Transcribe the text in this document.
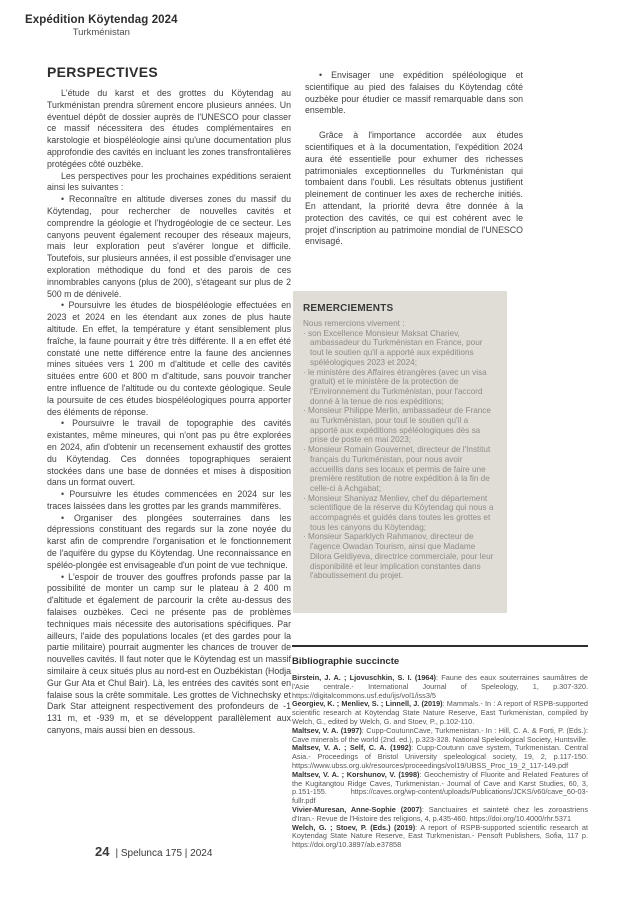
Expédition Köytendag 2024
Turkménistan
PERSPECTIVES

L'étude du karst et des grottes du Köytendag au Turkménistan prendra sûrement encore plusieurs années. Un éventuel dépôt de dossier auprès de l'UNESCO pour classer ce massif nécessitera des études complémentaires en karstologie et biospéléologie ainsi qu'une documentation plus approfondie des cavités en incluant les zones transfrontalières protégées côté ouzbèke.

Les perspectives pour les prochaines expéditions seraient ainsi les suivantes :

• Reconnaître en altitude diverses zones du massif du Köytendag, pour rechercher de nouvelles cavités et comprendre la géologie et l'hydrogéologie de ce secteur. Les canyons peuvent également recouper des réseaux majeurs, mais leur exploration peut s'avérer longue et difficile. Toutefois, sur plusieurs années, il est possible d'envisager une exploration méthodique du fond et des parois de ces innombrables canyons (plus de 200), s'étageant sur plus de 2 500 m de dénivelé.

• Poursuivre les études de biospéléologie effectuées en 2023 et 2024 en les étendant aux zones de plus haute altitude. En effet, la température y étant sensiblement plus fraîche, la faune pourrait y être très différente. Il a en effet été constaté une nette différence entre la faune des anciennes mines situées vers 1 200 m d'altitude et celle des cavités situées entre 600 et 800 m d'altitude, sans pouvoir trancher entre influence de l'altitude ou du contexte géologique. Seule la poursuite de ces études biospéléologiques pourra apporter des éléments de réponse.

• Poursuivre le travail de topographie des cavités existantes, même mineures, qui n'ont pas pu être explorées en 2024, afin d'obtenir un recensement exhaustif des grottes du Köytendag. Ces données topographiques seraient stockées dans une base de données et mises à disposition dans un format ouvert.

• Poursuivre les études commencées en 2024 sur les traces laissées dans les grottes par les grands mammifères.

• Organiser des plongées souterraines dans les dépressions constituant des regards sur la zone noyée du karst afin de comprendre l'organisation et le fonctionnement de l'aquifère du gypse du Köytendag. Une reconnaissance en spéléo-plongée est envisageable d'un point de vue technique.

• L'espoir de trouver des gouffres profonds passe par la possibilité de monter un camp sur le plateau à 2 400 m d'altitude et également de parcourir la crête au-dessus des falaises ouzbèkes. Ceci ne présente pas de problèmes techniques mais nécessite des autorisations spécifiques. Par ailleurs, l'aide des populations locales (et des gardes pour la partie militaire) pourrait augmenter les chances de trouver de nouvelles cavités. Il faut noter que le Köytendag est un massif similaire à ceux situés plus au nord-est en Ouzbékistan (Hodja Gur Gur Ata et Chul Bair). Là, les entrées des cavités sont en falaise sous la crête sommitale. Les grottes de Vichnechsky et Dark Star atteignent respectivement des profondeurs de -1 131 m, et -939 m, et se développent parallèlement aux canyons, mais aussi bien en dessous.

• Envisager une expédition spéléologique et scientifique au pied des falaises du Köytendag côté ouzbèke pour étudier ce massif remarquable dans son ensemble.

Grâce à l'importance accordée aux études scientifiques et à la documentation, l'expédition 2024 aura été essentielle pour exhumer des richesses patrimoniales exceptionnelles du Turkménistan qui tombaient dans l'oubli. Les résultats obtenus justifient pleinement de continuer les axes de recherche initiés. En attendant, la priorité devra être donnée à la protection des cavités, ce qui est cohérent avec le projet d'inscription au patrimoine mondial de l'UNESCO envisagé.

REMERCIEMENTS

Nous remercions vivement :

· son Excellence Monsieur Maksat Chariev, ambassadeur du Turkménistan en France, pour tout le soutien qu'il a apporté aux expéditions spéléologiques 2023 et 2024;
· le ministère des Affaires étrangères (avec un visa gratuit) et le ministère de la protection de l'Environnement du Turkménistan, pour l'accord donné à la tenue de nos expéditions;
· Monsieur Philippe Merlin, ambassadeur de France au Turkménistan, pour tout le soutien qu'il a apporté aux expéditions spéléologiques dès sa prise de poste en mai 2023;
· Monsieur Romain Gouvernet, directeur de l'Institut français du Turkménistan, pour nous avoir accueillis dans ses locaux et permis de faire une première restitution de notre expédition à la fin de celle-ci à Achgabat;
· Monsieur Shaniyaz Menliev, chef du département scientifique de la réserve du Köytendag qui nous a accompagnés et guidés dans toutes les grottes et tous les canyons du Köytendag;
· Monsieur Saparklych Rahmanov, directeur de l'agence Owadan Tourism, ainsi que Madame Dilora Geldiyeva, directrice commerciale, pour leur disponibilité et leur implication constantes dans l'aboutissement du projet.
Bibliographie succincte

Birstein, J. A. ; Ljovuschkin, S. I. (1964): Faune des eaux souterraines saumâtres de l'Asie centrale.- International Journal of Speleology, 1, p.307-320. https://digitalcommons.usf.edu/ijs/vol1/iss3/5

Georgiev, K. ; Menliev, S. ; Linnell, J. (2019): Mammals.- In : A report of RSPB-supported scientific research at Köytendag State Nature Reserve, East Turkmenistan, compiled by Welch, G., edited by Welch, G. and Stoev, P., p.102-110.

Maltsev, V. A. (1997): Cupp-CoutunnCave, Turkmenistan.- In : Hill, C. A. & Forti, P. (Eds.): Cave minerals of the world (2nd. ed.), p.323-328. National Speleological Society, Huntsville.

Maltsev, V. A. ; Self, C. A. (1992): Cupp-Coutunn cave system, Turkmenistan. Central Asia.- Proceedings of Bristol University speleological society, 19, 2, p.117-150. https://www.ubss.org.uk/resources/proceedings/vol19/UBSS_Proc_19_2_117-149.pdf

Maltsev, V. A. ; Korshunov, V. (1998): Geochemistry of Fluorite and Related Features of the Kugitangtou Ridge Caves, Turkmenistan.- Journal of Cave and Karst Studies, 60, 3, p.151-155. https://caves.org/wp-content/uploads/Publications/JCKS/v60/cave_60-03-fullr.pdf

Vivier-Muresan, Anne-Sophie (2007): Sanctuaires et sainteté chez les zoroastriens d'Iran.- Revue de l'Histoire des religions, 4, p.435-460. https://doi.org/10.4000/rhr.5371

Welch, G. ; Stoev, P. (Eds.) (2019): A report of RSPB-supported scientific research at Koytendag State Nature Reserve, East Turkmenistan.- Pensoft Publishers, Sofia, 117 p. https://doi.org/10.3897/ab.e37858

24 | Spelunca 175 | 2024
